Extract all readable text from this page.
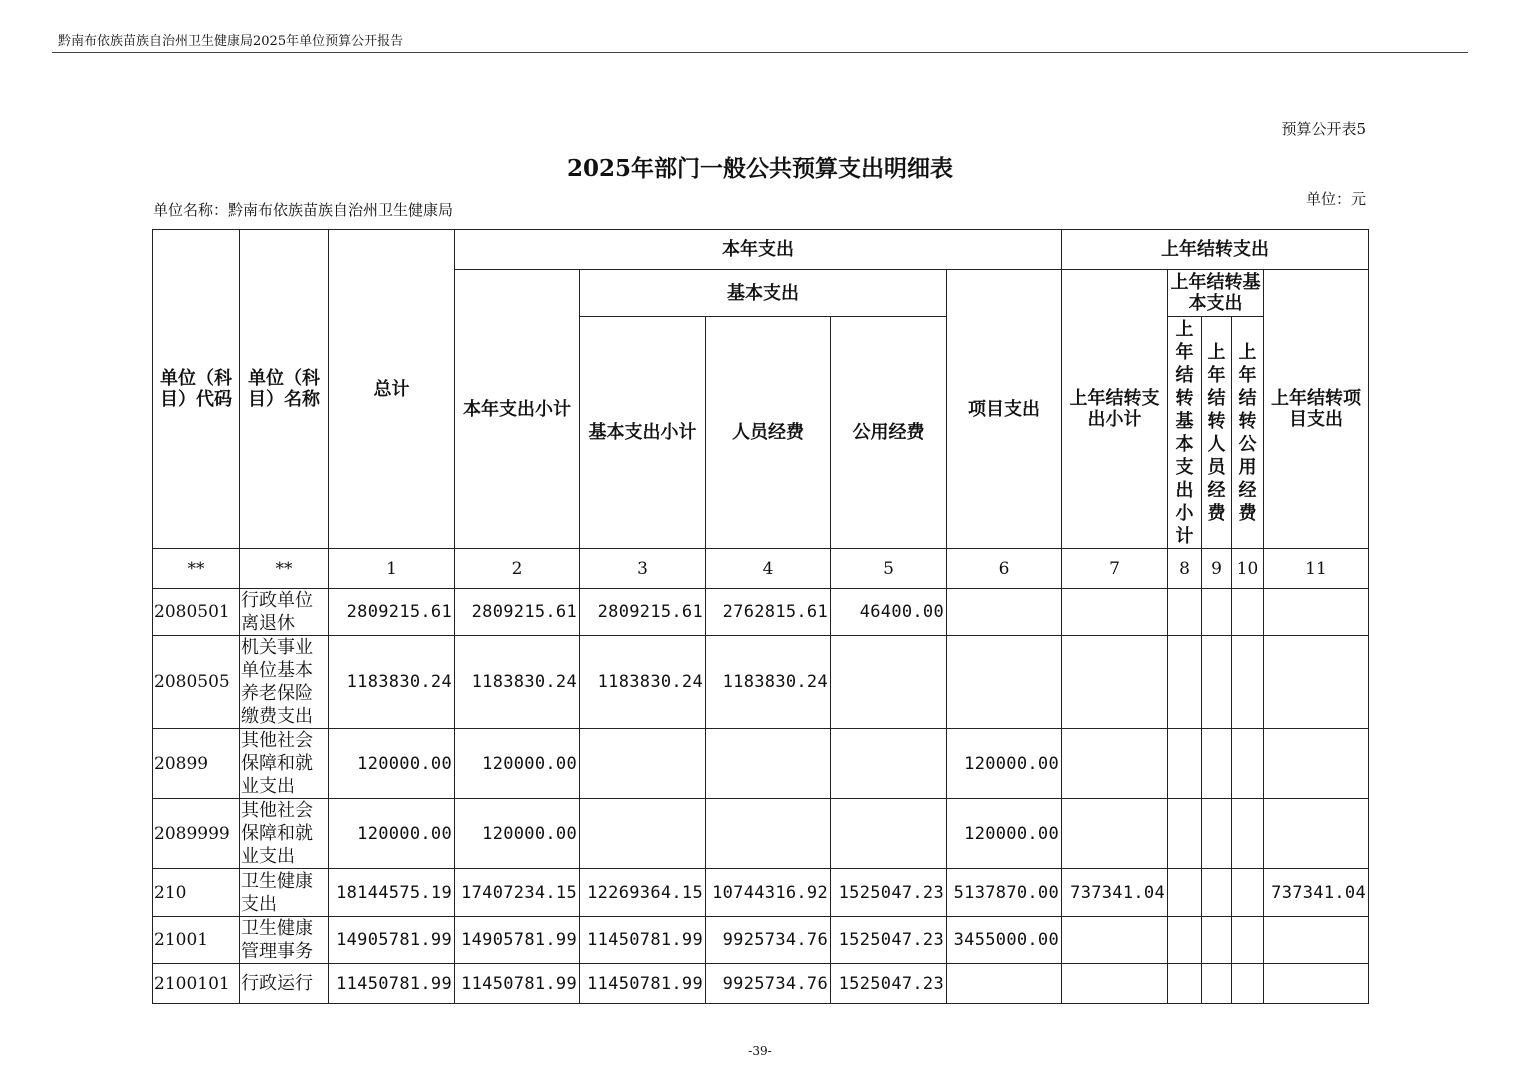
黔南布依族苗族自治州卫生健康局2025年单位预算公开报告
预算公开表5
2025年部门一般公共预算支出明细表
单位：元
单位名称：黔南布依族苗族自治州卫生健康局
单位（科目）代码	单位（科目）名称	总计	本年支出					上年结转支出				
			本年支出小计	基本支出			项目支出	上年结转支出小计	上年结转基本支出			上年结转项目支出
				基本支出小计	人员经费	公用经费			上年结转基本支出小计	上年结转人员经费	上年结转公用经费	
**	**	1	2	3	4	5	6	7	8	9	10	11
2080501	行政单位离退休	2809215.61	2809215.61	2809215.61	2762815.61	46400.00						
2080505	机关事业单位基本养老保险缴费支出	1183830.24	1183830.24	1183830.24	1183830.24							
20899	其他社会保障和就业支出	120000.00	120000.00				120000.00					
2089999	其他社会保障和就业支出	120000.00	120000.00				120000.00					
210	卫生健康支出	18144575.19	17407234.15	12269364.15	10744316.92	1525047.23	5137870.00	737341.04				737341.04
21001	卫生健康管理事务	14905781.99	14905781.99	11450781.99	9925734.76	1525047.23	3455000.00					
2100101	行政运行	11450781.99	11450781.99	11450781.99	9925734.76	1525047.23						
-39-
